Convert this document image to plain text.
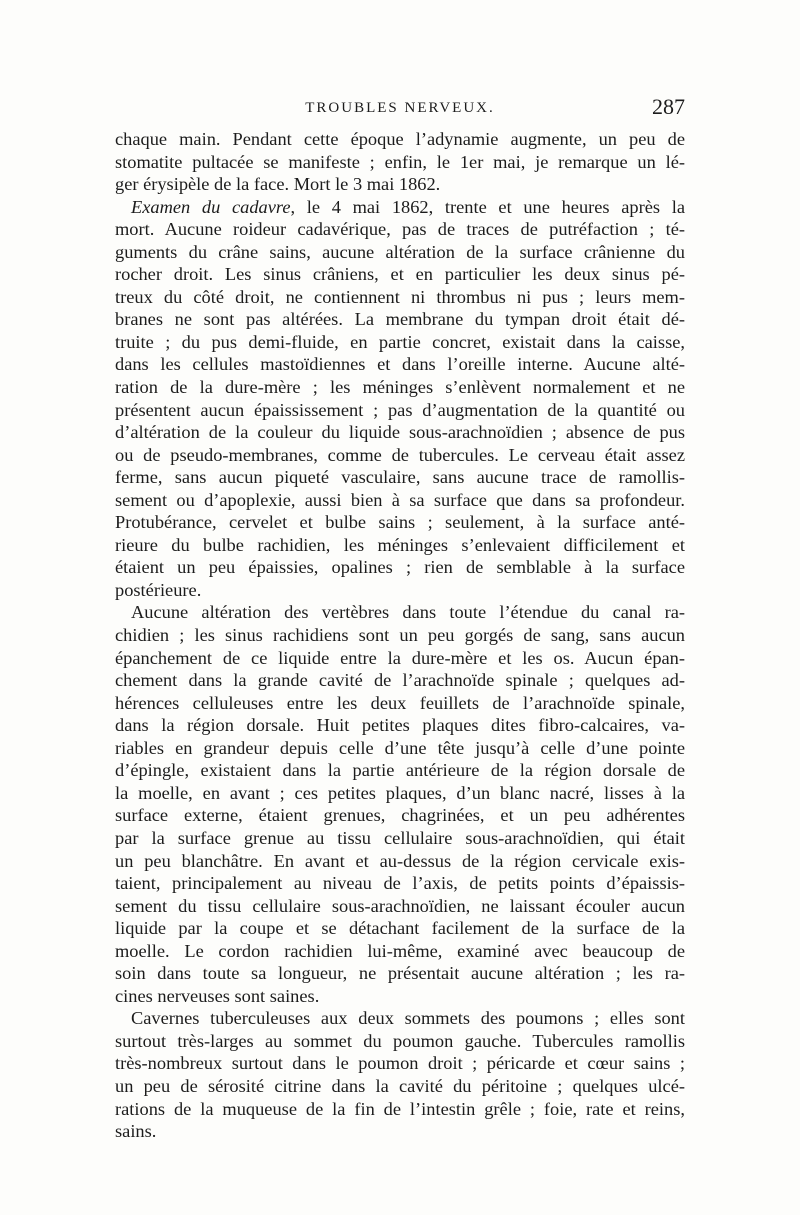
TROUBLES NERVEUX.	287
chaque main. Pendant cette époque l’adynamie augmente, un peu de
stomatite pultacée se manifeste ; enfin, le 1er mai, je remarque un lé-
ger érysipèle de la face. Mort le 3 mai 1862.
Examen du cadavre, le 4 mai 1862, trente et une heures après la
mort. Aucune roideur cadavérique, pas de traces de putréfaction ; té-
guments du crâne sains, aucune altération de la surface crânienne du
rocher droit. Les sinus crâniens, et en particulier les deux sinus pé-
treux du côté droit, ne contiennent ni thrombus ni pus ; leurs mem-
branes ne sont pas altérées. La membrane du tympan droit était dé-
truite ; du pus demi-fluide, en partie concret, existait dans la caisse,
dans les cellules mastoïdiennes et dans l’oreille interne. Aucune alté-
ration de la dure-mère ; les méninges s’enlèvent normalement et ne
présentent aucun épaississement ; pas d’augmentation de la quantité ou
d’altération de la couleur du liquide sous-arachnoïdien ; absence de pus
ou de pseudo-membranes, comme de tubercules. Le cerveau était assez
ferme, sans aucun piqueté vasculaire, sans aucune trace de ramollis-
sement ou d’apoplexie, aussi bien à sa surface que dans sa profondeur.
Protubérance, cervelet et bulbe sains ; seulement, à la surface anté-
rieure du bulbe rachidien, les méninges s’enlevaient difficilement et
étaient un peu épaissies, opalines ; rien de semblable à la surface
postérieure.
Aucune altération des vertèbres dans toute l’étendue du canal ra-
chidien ; les sinus rachidiens sont un peu gorgés de sang, sans aucun
épanchement de ce liquide entre la dure-mère et les os. Aucun épan-
chement dans la grande cavité de l’arachnoïde spinale ; quelques ad-
hérences celluleuses entre les deux feuillets de l’arachnoïde spinale,
dans la région dorsale. Huit petites plaques dites fibro-calcaires, va-
riables en grandeur depuis celle d’une tête jusqu’à celle d’une pointe
d’épingle, existaient dans la partie antérieure de la région dorsale de
la moelle, en avant ; ces petites plaques, d’un blanc nacré, lisses à la
surface externe, étaient grenues, chagrinées, et un peu adhérentes
par la surface grenue au tissu cellulaire sous-arachnoïdien, qui était
un peu blanchâtre. En avant et au-dessus de la région cervicale exis-
taient, principalement au niveau de l’axis, de petits points d’épaissis-
sement du tissu cellulaire sous-arachnoïdien, ne laissant écouler aucun
liquide par la coupe et se détachant facilement de la surface de la
moelle. Le cordon rachidien lui-même, examiné avec beaucoup de
soin dans toute sa longueur, ne présentait aucune altération ; les ra-
cines nerveuses sont saines.
Cavernes tuberculeuses aux deux sommets des poumons ; elles sont
surtout très-larges au sommet du poumon gauche. Tubercules ramollis
très-nombreux surtout dans le poumon droit ; péricarde et cœur sains ;
un peu de sérosité citrine dans la cavité du péritoine ; quelques ulcé-
rations de la muqueuse de la fin de l’intestin grêle ; foie, rate et reins,
sains.
